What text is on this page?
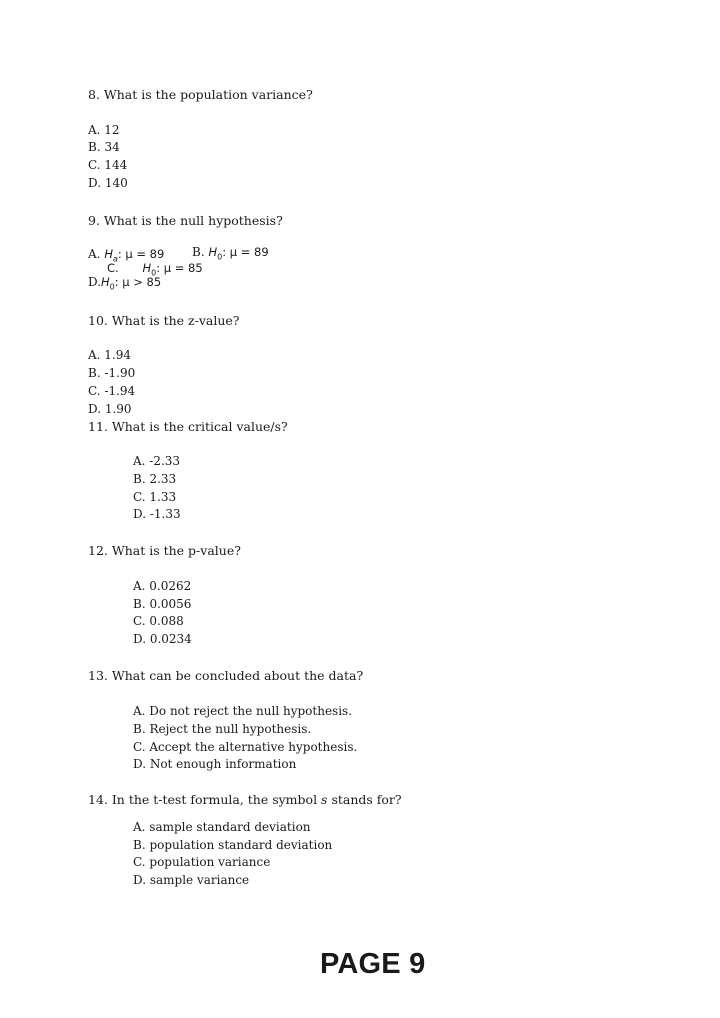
8. What is the population variance?
A. 12
B. 34
C. 144
D. 140
9. What is the null hypothesis?
A. $H_a$: μ = 89 B. $H_0$: μ = 89
C. $H_0$: μ = 85
$D.H_0$: μ > 85
10. What is the z-value?
A. 1.94
B. -1.90
C. -1.94
D. 1.90
11. What is the critical value/s?
A. -2.33
B. 2.33
C. 1.33
D. -1.33
12. What is the p-value?
A. 0.0262
B. 0.0056
C. 0.088
D. 0.0234
13. What can be concluded about the data?
A. Do not reject the null hypothesis.
B. Reject the null hypothesis.
C. Accept the alternative hypothesis.
D. Not enough information
14. In the t-test formula, the symbol s stands for?
A. sample standard deviation
B. population standard deviation
C. population variance
D. sample variance
PAGE 9
